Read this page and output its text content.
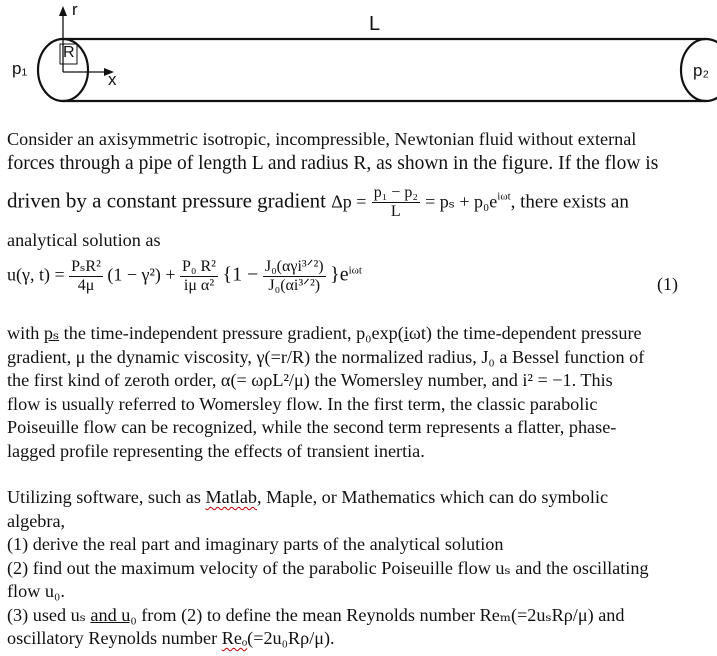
r
L
R
p₁
x	p₂
Consider an axisymmetric isotropic, incompressible, Newtonian fluid without external
forces through a pipe of length L and radius R, as shown in the figure. If the flow is
driven by a constant pressure gradient $\Delta p = \frac{\text{p₁ − p₂}}{L} = p_s + p_0e^{i\omega t}$, there exists an
analytical solution as
u(γ, $t) = \frac{\text{PₛR²}}{4\mu} (1 - \gamma^2) + \frac{\text{P₀ R²}}{\text{iμ α²}} \{1 - \frac{\text{J₀(αγi³ᐟ²)}}{\text{J₀(αi³ᐟ²)}} \}e^{i\omega t}$
(1)
with pₛ the time-independent pressure gradient, p₀exp(iωt) the time-dependent pressure
gradient, μ the dynamic viscosity, γ(=r/R) the normalized radius, J₀ a Bessel function of
the first kind of zeroth order, α(= ωρL²/μ) the Womersley number, and i² = −1. This
flow is usually referred to Womersley flow. In the first term, the classic parabolic
Poiseuille flow can be recognized, while the second term represents a flatter, phase-
lagged profile representing the effects of transient inertia.
Utilizing software, such as Matlab, Maple, or Mathematics which can do symbolic
algebra,
(1) derive the real part and imaginary parts of the analytical solution
(2) find out the maximum velocity of the parabolic Poiseuille flow uₛ and the oscillating
flow u₀.
(3) used uₛ and u₀ from (2) to define the mean Reynolds number Reₘ(=2uₛRρ/μ) and
oscillatory Reynolds number Reₒ(=2u₀Rρ/μ).
